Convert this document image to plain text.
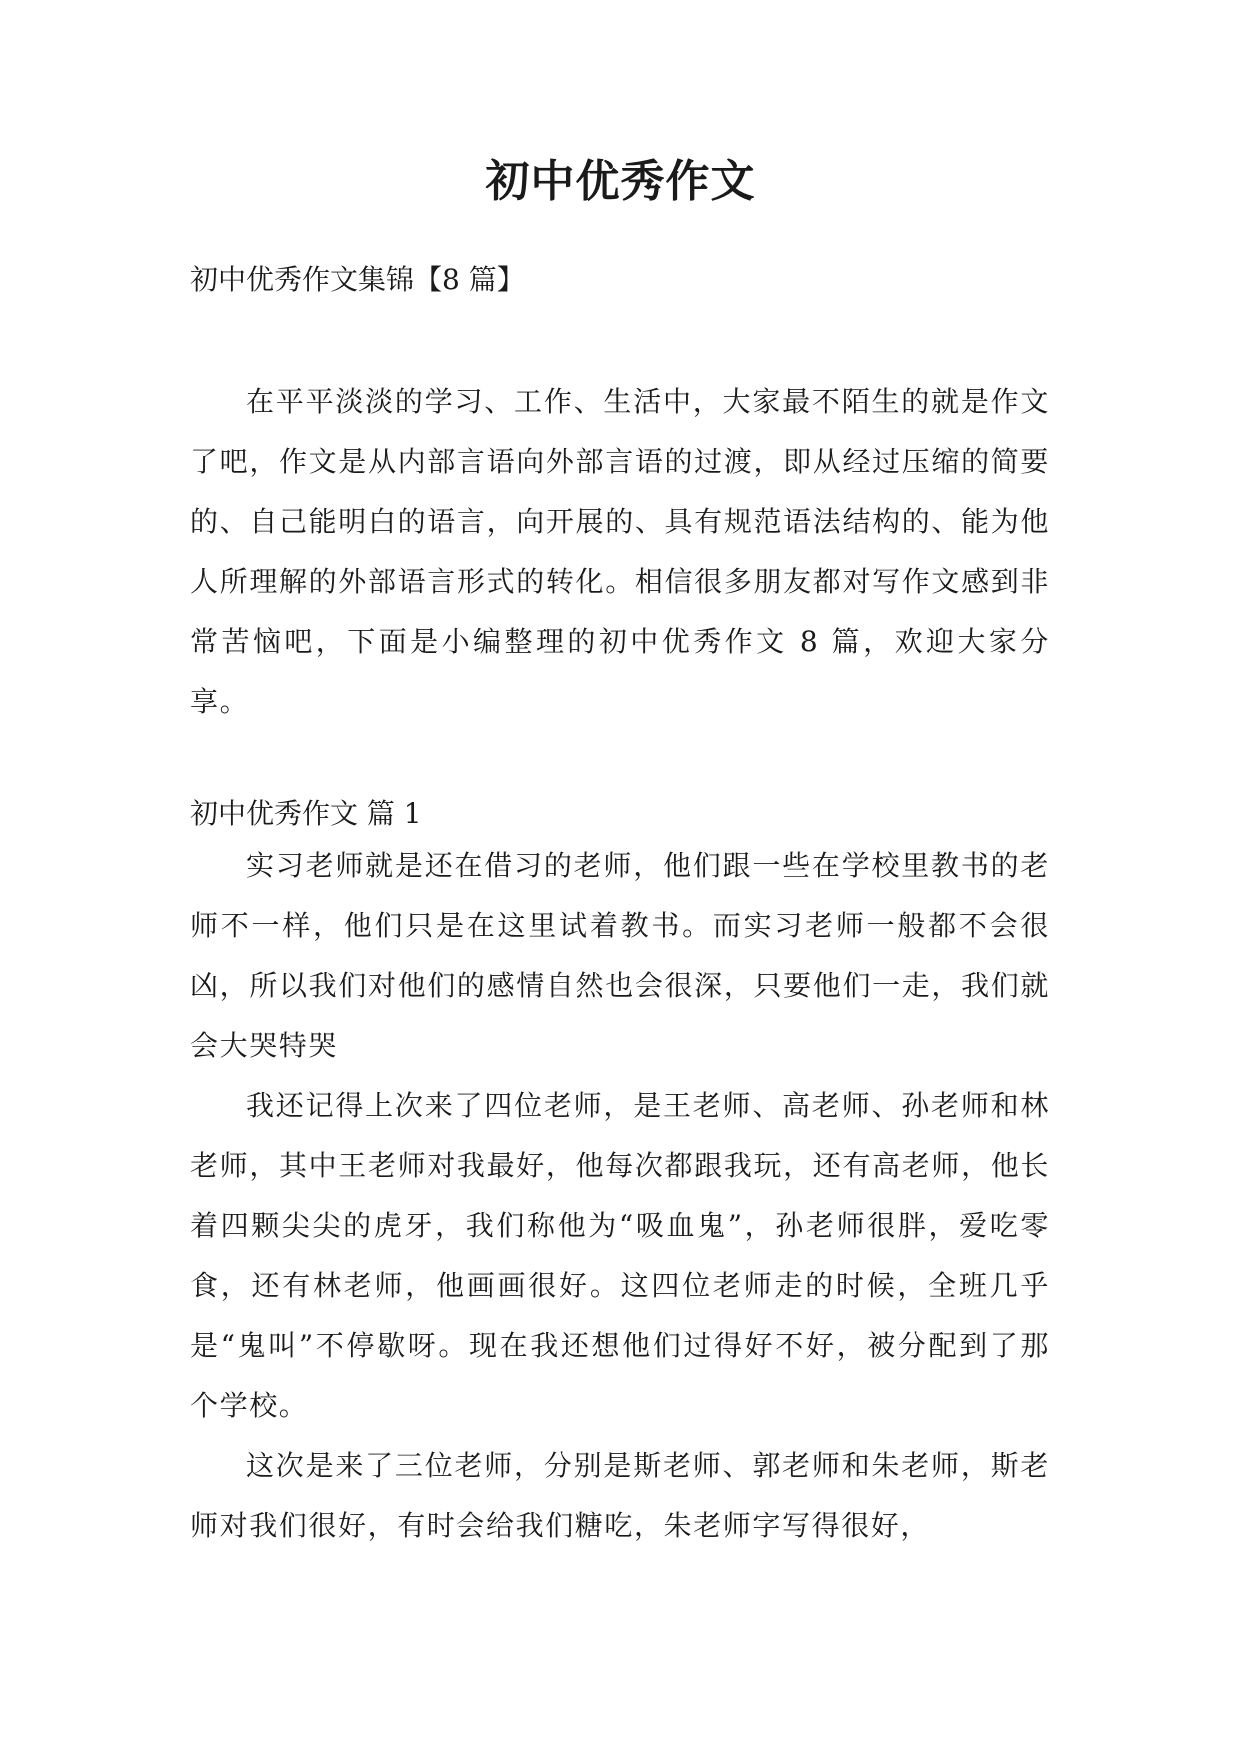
初中优秀作文

初中优秀作文集锦【8 篇】

在平平淡淡的学习、工作、生活中，大家最不陌生的就是作文了吧，作文是从内部言语向外部言语的过渡，即从经过压缩的简要的、自己能明白的语言，向开展的、具有规范语法结构的、能为他人所理解的外部语言形式的转化。相信很多朋友都对写作文感到非常苦恼吧，下面是小编整理的初中优秀作文 8 篇，欢迎大家分享。

初中优秀作文 篇 1

实习老师就是还在借习的老师，他们跟一些在学校里教书的老师不一样，他们只是在这里试着教书。而实习老师一般都不会很凶，所以我们对他们的感情自然也会很深，只要他们一走，我们就会大哭特哭

我还记得上次来了四位老师，是王老师、高老师、孙老师和林老师，其中王老师对我最好，他每次都跟我玩，还有高老师，他长着四颗尖尖的虎牙，我们称他为“吸血鬼”，孙老师很胖，爱吃零食，还有林老师，他画画很好。这四位老师走的时候，全班几乎是“鬼叫”不停歇呀。现在我还想他们过得好不好，被分配到了那个学校。

这次是来了三位老师，分别是斯老师、郭老师和朱老师，斯老师对我们很好，有时会给我们糖吃，朱老师字写得很好，
